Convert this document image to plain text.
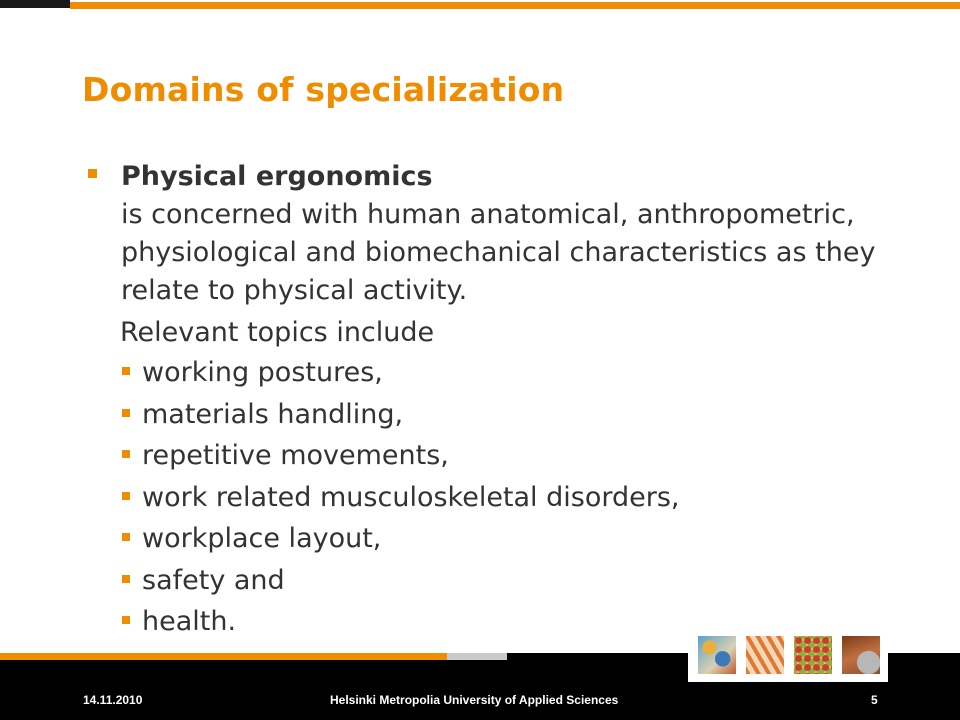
Domains of specialization
Physical ergonomics
is concerned with human anatomical, anthropometric, physiological and biomechanical characteristics as they relate to physical activity.
Relevant topics include
working postures,
materials handling,
repetitive movements,
work related musculoskeletal disorders,
workplace layout,
safety and
health.
14.11.2010	Helsinki Metropolia University of Applied Sciences	5
